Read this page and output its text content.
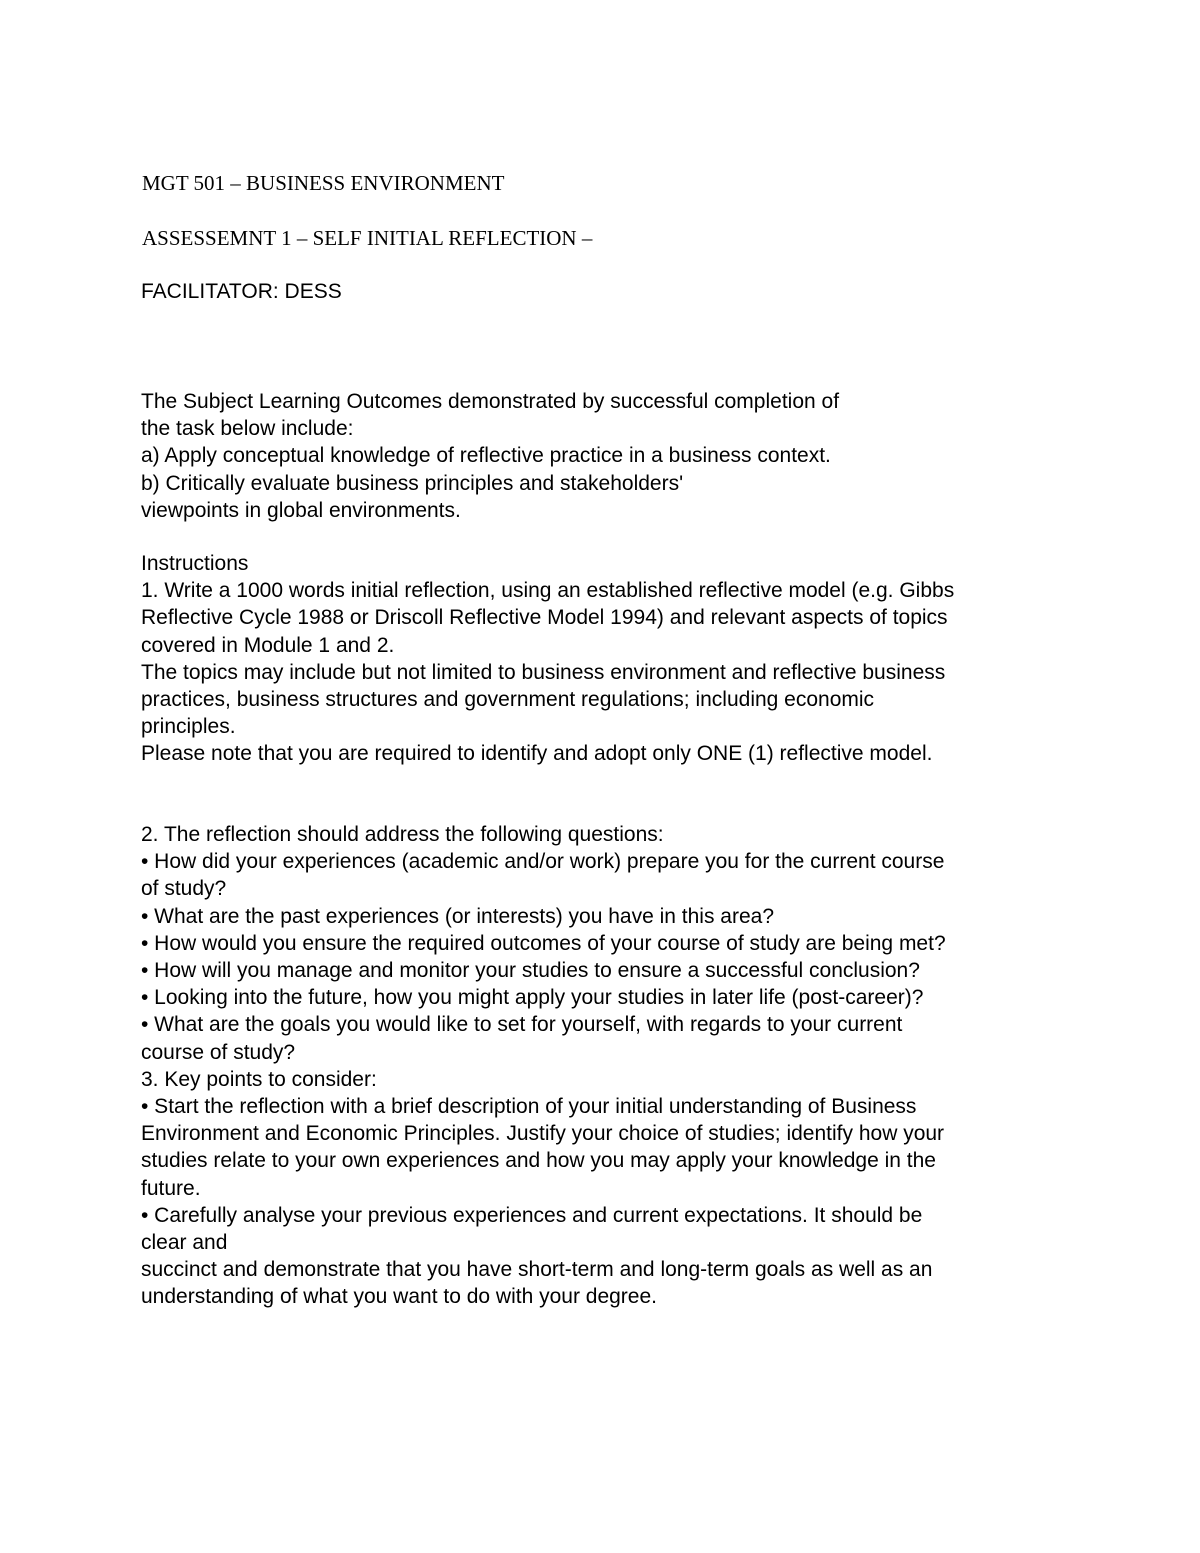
MGT 501 – BUSINESS ENVIRONMENT
ASSESSEMNT 1 – SELF INITIAL REFLECTION –
FACILITATOR: DESS
The Subject Learning Outcomes demonstrated by successful completion of
the task below include:
a) Apply conceptual knowledge of reflective practice in a business context.
b) Critically evaluate business principles and stakeholders'
viewpoints in global environments.
Instructions
1. Write a 1000 words initial reflection, using an established reflective model (e.g. Gibbs
Reflective Cycle 1988 or Driscoll Reflective Model 1994) and relevant aspects of topics
covered in Module 1 and 2.
The topics may include but not limited to business environment and reflective business
practices, business structures and government regulations; including economic
principles.
Please note that you are required to identify and adopt only ONE (1) reflective model.
2. The reflection should address the following questions:
• How did your experiences (academic and/or work) prepare you for the current course
of study?
• What are the past experiences (or interests) you have in this area?
• How would you ensure the required outcomes of your course of study are being met?
• How will you manage and monitor your studies to ensure a successful conclusion?
• Looking into the future, how you might apply your studies in later life (post-career)?
• What are the goals you would like to set for yourself, with regards to your current
course of study?
3. Key points to consider:
• Start the reflection with a brief description of your initial understanding of Business
Environment and Economic Principles. Justify your choice of studies; identify how your
studies relate to your own experiences and how you may apply your knowledge in the
future.
• Carefully analyse your previous experiences and current expectations. It should be
clear and
succinct and demonstrate that you have short-term and long-term goals as well as an
understanding of what you want to do with your degree.
